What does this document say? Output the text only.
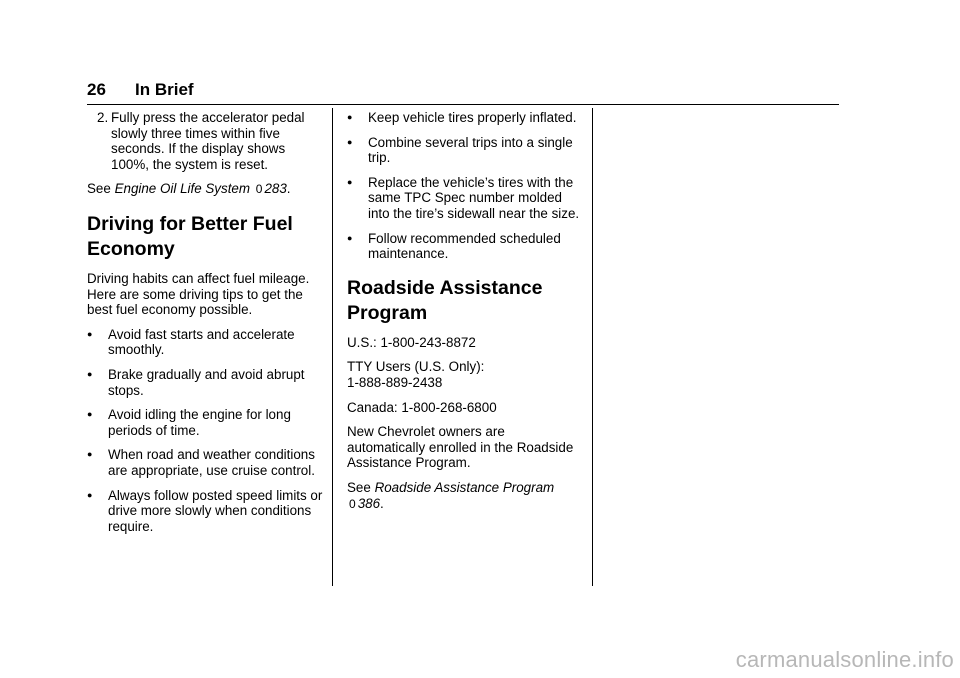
26 In Brief
2. Fully press the accelerator pedal slowly three times within five seconds. If the display shows 100%, the system is reset.

See Engine Oil Life System 0 283.

Driving for Better Fuel Economy

Driving habits can affect fuel mileage. Here are some driving tips to get the best fuel economy possible.

●	Avoid fast starts and accelerate smoothly.
●	Brake gradually and avoid abrupt stops.
●	Avoid idling the engine for long periods of time.
●	When road and weather conditions are appropriate, use cruise control.
●	Always follow posted speed limits or drive more slowly when conditions require.
●	Keep vehicle tires properly inflated.
●	Combine several trips into a single trip.
●	Replace the vehicle’s tires with the same TPC Spec number molded into the tire’s sidewall near the size.
●	Follow recommended scheduled maintenance.
Roadside Assistance Program

U.S.: 1-800-243-8872

TTY Users (U.S. Only):
1-888-889-2438

Canada: 1-800-268-6800

New Chevrolet owners are automatically enrolled in the Roadside Assistance Program.

See Roadside Assistance Program
0 386.

carmanualsonline.info
